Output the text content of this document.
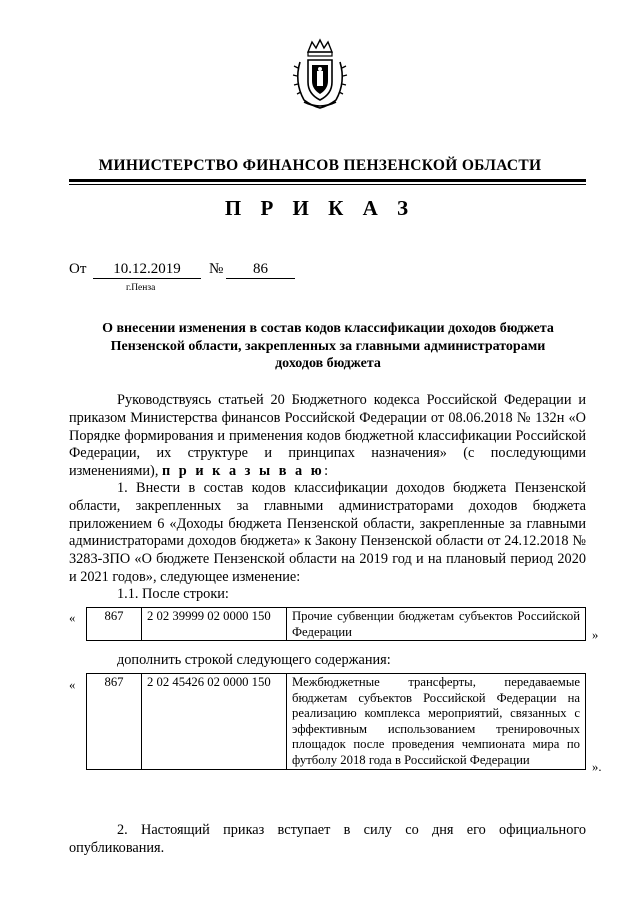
МИНИСТЕРСТВО ФИНАНСОВ ПЕНЗЕНСКОЙ ОБЛАСТИ
П Р И К А З
От	10.12.2019	№	86
г.Пенза
О внесении изменения в состав кодов классификации доходов бюджета Пензенской области, закрепленных за главными администраторами доходов бюджета
Руководствуясь статьей 20 Бюджетного кодекса Российской Федерации и приказом Министерства финансов Российской Федерации от 08.06.2018 № 132н «О Порядке формирования и применения кодов бюджетной классификации Российской Федерации, их структуре и принципах назначения» (с последующими изменениями), п р и к а з ы в а ю:
1. Внести в состав кодов классификации доходов бюджета Пензенской области, закрепленных за главными администраторами доходов бюджета приложением 6 «Доходы бюджета Пензенской области, закрепленные за главными администраторами доходов бюджета» к Закону Пензенской области от 24.12.2018 № 3283-ЗПО «О бюджете Пензенской области на 2019 год и на плановый период 2020 и 2021 годов», следующее изменение:
1.1. После строки:
« 867	2 02 39999 02 0000 150	Прочие субвенции бюджетам субъектов Российской Федерации	»
дополнить строкой следующего содержания:
« 867	2 02 45426 02 0000 150	Межбюджетные трансферты, передаваемые бюджетам субъектов Российской Федерации на реализацию комплекса мероприятий, связанных с эффективным использованием тренировочных площадок после проведения чемпионата мира по футболу 2018 года в Российской Федерации
».
2. Настоящий приказ вступает в силу со дня его официального опубликования.
